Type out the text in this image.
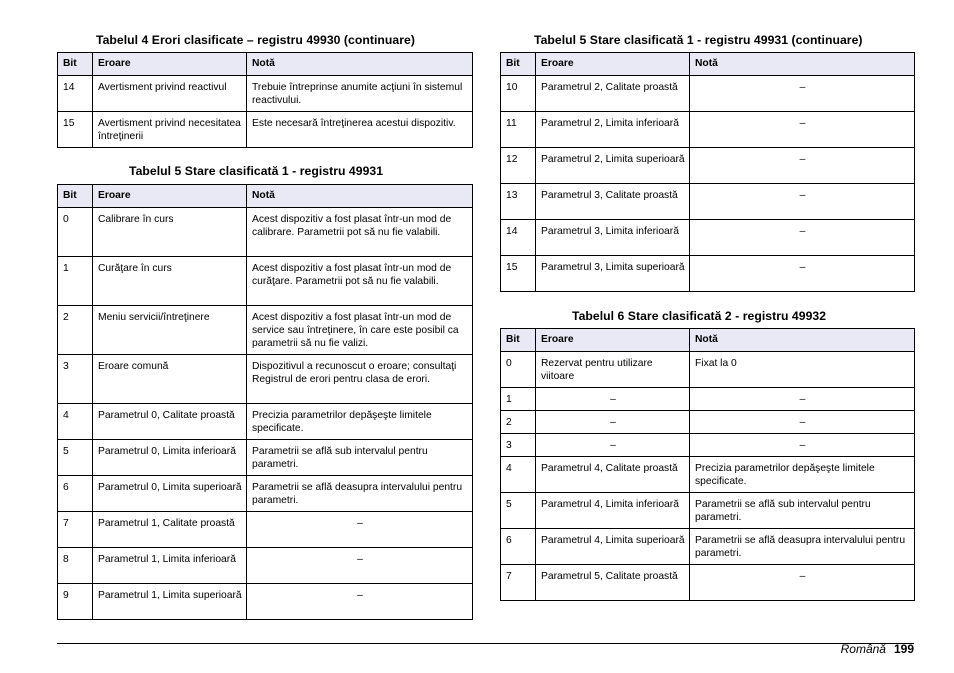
Tabelul 4 Erori clasificate – registru 49930 (continuare)
Bit	Eroare	Notă
14	Avertisment privind reactivul	Trebuie întreprinse anumite acţiuni în sistemul reactivului.
15	Avertisment privind necesitatea întreţinerii	Este necesară întreţinerea acestui dispozitiv.
Tabelul 5 Stare clasificată 1 - registru 49931
Bit	Eroare	Notă
0	Calibrare în curs	Acest dispozitiv a fost plasat într-un mod de calibrare. Parametrii pot să nu fie valabili.
1	Curăţare în curs	Acest dispozitiv a fost plasat într-un mod de curăţare. Parametrii pot să nu fie valabili.
2	Meniu servicii/întreţinere	Acest dispozitiv a fost plasat într-un mod de service sau întreţinere, în care este posibil ca parametrii să nu fie valizi.
3	Eroare comună	Dispozitivul a recunoscut o eroare; consultaţi Registrul de erori pentru clasa de erori.
4	Parametrul 0, Calitate proastă	Precizia parametrilor depăşeşte limitele specificate.
5	Parametrul 0, Limita inferioară	Parametrii se află sub intervalul pentru parametri.
6	Parametrul 0, Limita superioară	Parametrii se află deasupra intervalului pentru parametri.
7	Parametrul 1, Calitate proastă	–
8	Parametrul 1, Limita inferioară	–
9	Parametrul 1, Limita superioară	–
Tabelul 5 Stare clasificată 1 - registru 49931 (continuare)
Bit	Eroare	Notă
10	Parametrul 2, Calitate proastă	–
11	Parametrul 2, Limita inferioară	–
12	Parametrul 2, Limita superioară	–
13	Parametrul 3, Calitate proastă	–
14	Parametrul 3, Limita inferioară	–
15	Parametrul 3, Limita superioară	–
Tabelul 6 Stare clasificată 2 - registru 49932
Bit	Eroare	Notă
0	Rezervat pentru utilizare viitoare	Fixat la 0
1	–	–
2	–	–
3	–	–
4	Parametrul 4, Calitate proastă	Precizia parametrilor depăşeşte limitele specificate.
5	Parametrul 4, Limita inferioară	Parametrii se află sub intervalul pentru parametri.
6	Parametrul 4, Limita superioară	Parametrii se află deasupra intervalului pentru parametri.
7	Parametrul 5, Calitate proastă	–
Română 199
